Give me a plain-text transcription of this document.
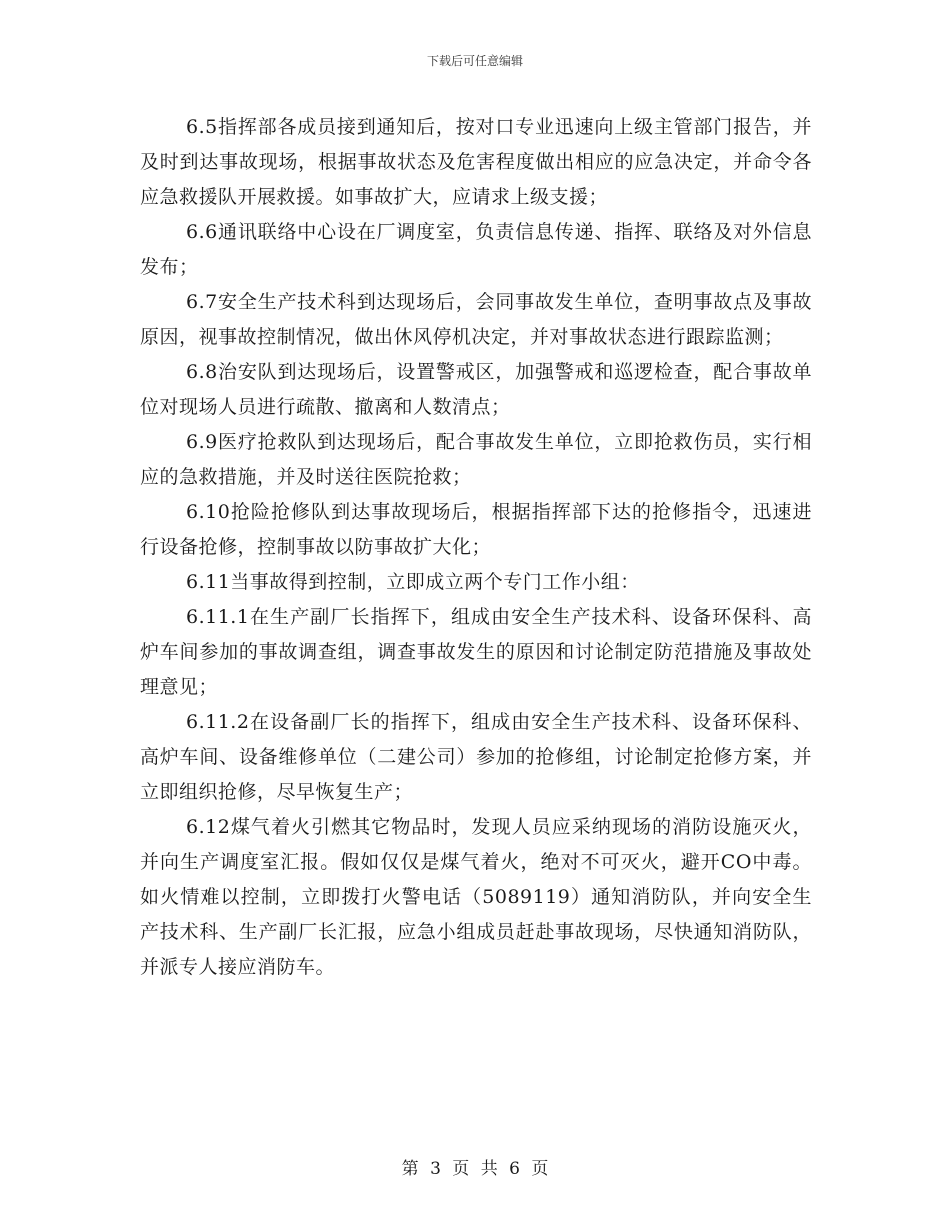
下载后可任意编辑

6.5指挥部各成员接到通知后，按对口专业迅速向上级主管部门报告，并及时到达事故现场，根据事故状态及危害程度做出相应的应急决定，并命令各应急救援队开展救援。如事故扩大，应请求上级支援；

6.6通讯联络中心设在厂调度室，负责信息传递、指挥、联络及对外信息发布；

6.7安全生产技术科到达现场后，会同事故发生单位，查明事故点及事故原因，视事故控制情况，做出休风停机决定，并对事故状态进行跟踪监测；

6.8治安队到达现场后，设置警戒区，加强警戒和巡逻检查，配合事故单位对现场人员进行疏散、撤离和人数清点；

6.9医疗抢救队到达现场后，配合事故发生单位，立即抢救伤员，实行相应的急救措施，并及时送往医院抢救；

6.10抢险抢修队到达事故现场后，根据指挥部下达的抢修指令，迅速进行设备抢修，控制事故以防事故扩大化；

6.11当事故得到控制，立即成立两个专门工作小组：

6.11.1在生产副厂长指挥下，组成由安全生产技术科、设备环保科、高炉车间参加的事故调查组，调查事故发生的原因和讨论制定防范措施及事故处理意见；

6.11.2在设备副厂长的指挥下，组成由安全生产技术科、设备环保科、高炉车间、设备维修单位（二建公司）参加的抢修组，讨论制定抢修方案，并立即组织抢修，尽早恢复生产；

6.12煤气着火引燃其它物品时，发现人员应采纳现场的消防设施灭火，并向生产调度室汇报。假如仅仅是煤气着火，绝对不可灭火，避开CO中毒。如火情难以控制，立即拨打火警电话（5089119）通知消防队，并向安全生产技术科、生产副厂长汇报，应急小组成员赶赴事故现场，尽快通知消防队，并派专人接应消防车。

第 3 页 共 6 页
